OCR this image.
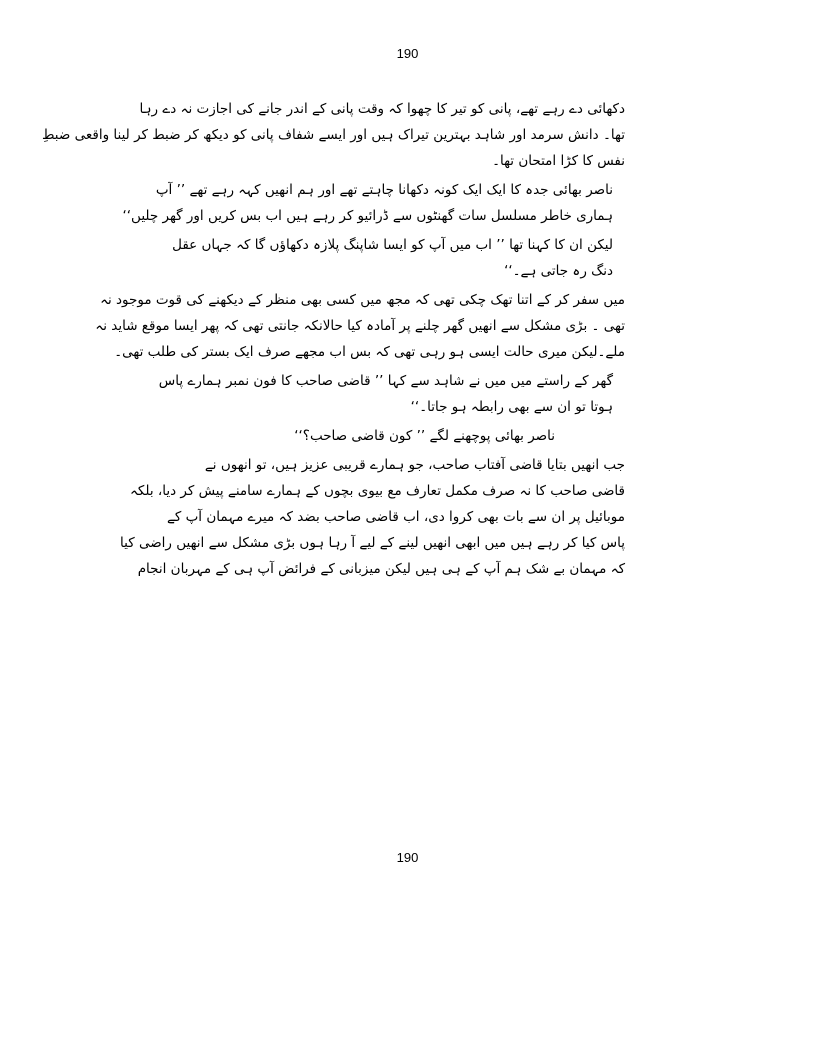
190
دکھائی دے رہے تھے، پانی کو تیر کا چھوا کہ وقت پانی کے اندر جانے کی اجازت نہ دے رہا
تھا۔ دانش سرمد اور شاہد بہترین تیراک ہیں اور ایسے شفاف پانی کو دیکھ کر ضبط کر لینا واقعی ضبطِ
نفس کا کڑا امتحان تھا۔
ناصر بھائی جدہ کا ایک ایک کونہ دکھانا چاہتے تھے اور ہم انھیں کہہ رہے تھے ’’ آپ
ہماری خاطر مسلسل سات گھنٹوں سے ڈرائیو کر رہے ہیں اب بس کریں اور گھر چلیں‘‘
لیکن ان کا کہنا تھا ’’ اب میں آپ کو ایسا شاپنگ پلازہ دکھاؤں گا کہ جہاں عقل
دنگ رہ جاتی ہے۔‘‘
میں سفر کر کے اتنا تھک چکی تھی کہ مجھ میں کسی بھی منظر کے دیکھنے کی قوت موجود نہ
تھی ۔ بڑی مشکل سے انھیں گھر چلنے پر آمادہ کیا حالانکہ جانتی تھی کہ پھر ایسا موقع شاید نہ
ملے۔لیکن میری حالت ایسی ہو رہی تھی کہ بس اب مجھے صرف ایک بستر کی طلب تھی۔
گھر کے راستے میں میں نے شاہد سے کہا ’’ قاضی صاحب کا فون نمبر ہمارے پاس
ہوتا تو ان سے بھی رابطہ ہو جاتا۔‘‘
ناصر بھائی پوچھنے لگے ’’ کون قاضی صاحب؟‘‘
جب انھیں بتایا قاضی آفتاب صاحب، جو ہمارے قریبی عزیز ہیں، تو انھوں نے
قاضی صاحب کا نہ صرف مکمل تعارف مع بیوی بچوں کے ہمارے سامنے پیش کر دیا، بلکہ
موبائیل پر ان سے بات بھی کروا دی، اب قاضی صاحب بضد کہ میرے مہمان آپ کے
پاس کیا کر رہے ہیں میں ابھی انھیں لینے کے لیے آ رہا ہوں بڑی مشکل سے انھیں راضی کیا
کہ مہمان بے شک ہم آپ کے ہی ہیں لیکن میزبانی کے فرائض آپ ہی کے مہربان انجام
190
